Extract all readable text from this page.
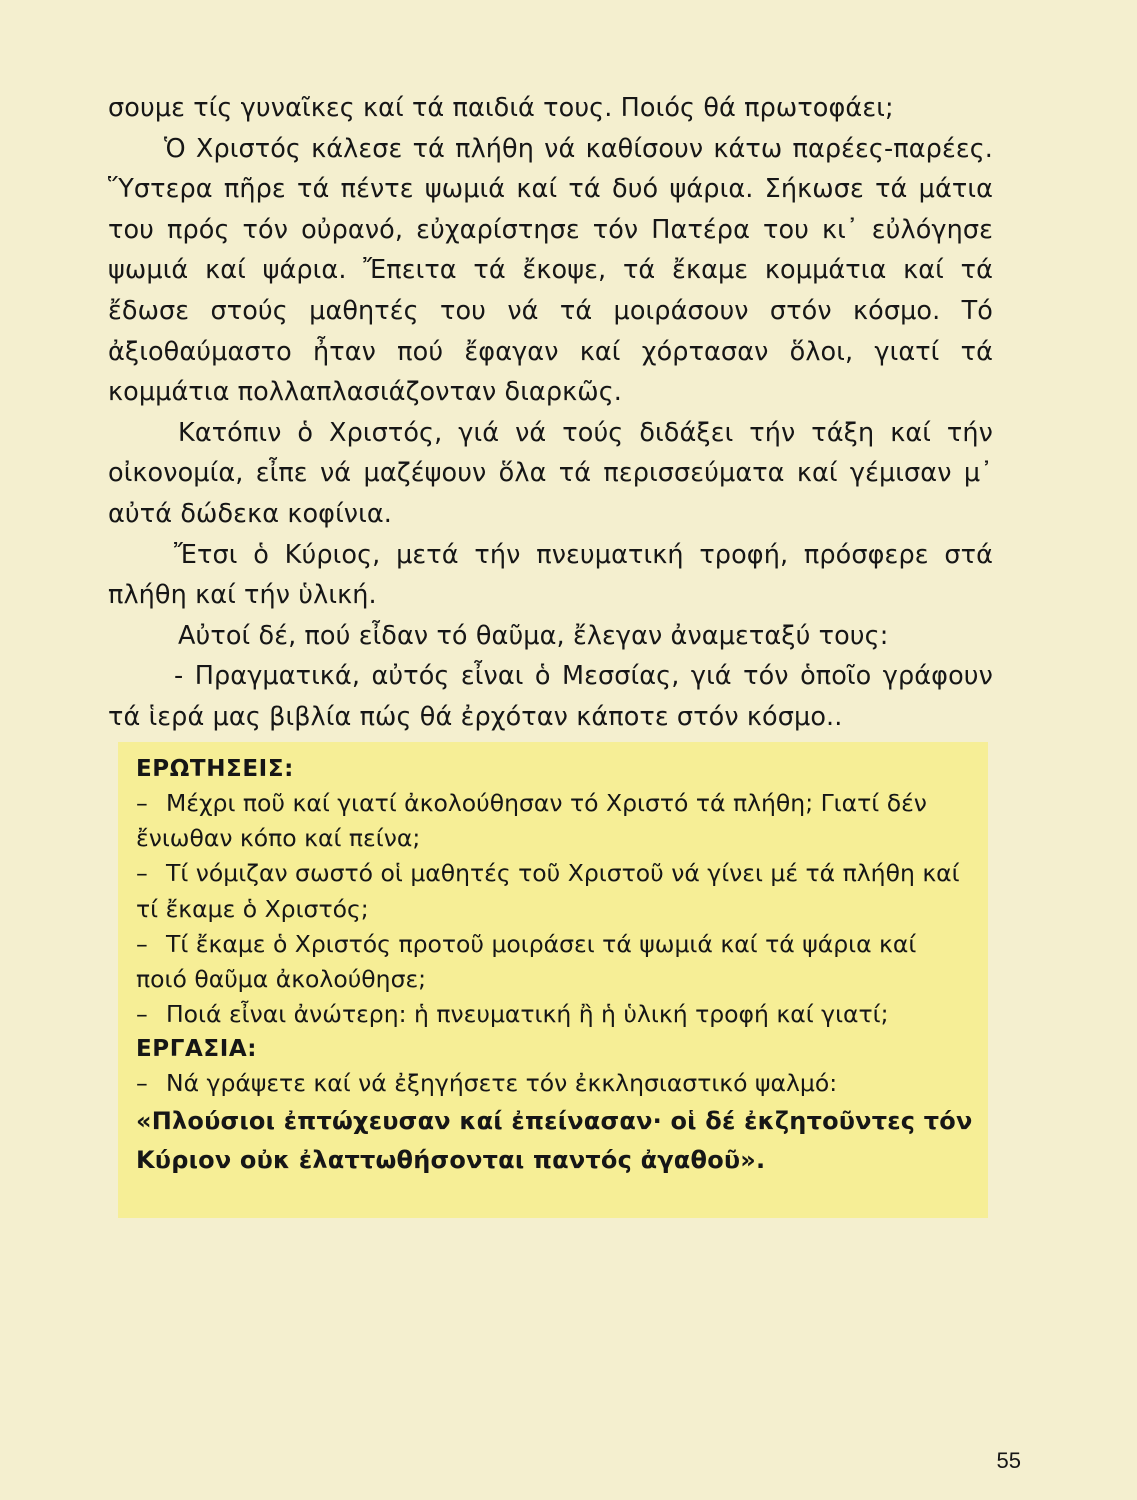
σουμε τίς γυναῖκες καί τά παιδιά τους. Ποιός θά πρωτοφάει;

Ὁ Χριστός κάλεσε τά πλήθη νά καθίσουν κάτω παρέες-παρέες. Ὕστερα πῆρε τά πέντε ψωμιά καί τά δυό ψάρια. Σήκωσε τά μάτια του πρός τόν οὐρανό, εὐχαρίστησε τόν Πατέρα του κι᾽ εὐλόγησε ψωμιά καί ψάρια. Ἔπειτα τά ἔκοψε, τά ἔκαμε κομμάτια καί τά ἔδωσε στούς μαθητές του νά τά μοιράσουν στόν κόσμο. Τό ἀξιοθαύμαστο ἦταν πού ἔφαγαν καί χόρτασαν ὅλοι, γιατί τά κομμάτια πολλαπλασιάζονταν διαρκῶς.

Κατόπιν ὁ Χριστός, γιά νά τούς διδάξει τήν τάξη καί τήν οἰκονομία, εἶπε νά μαζέψουν ὅλα τά περισσεύματα καί γέμισαν μ᾽ αὐτά δώδεκα κοφίνια.

Ἔτσι ὁ Κύριος, μετά τήν πνευματική τροφή, πρόσφερε στά πλήθη καί τήν ὑλική.

Αὐτοί δέ, πού εἶδαν τό θαῦμα, ἔλεγαν ἀναμεταξύ τους:

- Πραγματικά, αὐτός εἶναι ὁ Μεσσίας, γιά τόν ὁποῖο γράφουν τά ἱερά μας βιβλία πώς θά ἐρχόταν κάποτε στόν κόσμο..

ΕΡΩΤΗΣΕΙΣ:
– Μέχρι ποῦ καί γιατί ἀκολούθησαν τό Χριστό τά πλήθη; Γιατί δέν ἔνιωθαν κόπο καί πείνα;
– Τί νόμιζαν σωστό οἱ μαθητές τοῦ Χριστοῦ νά γίνει μέ τά πλήθη καί τί ἔκαμε ὁ Χριστός;
– Τί ἔκαμε ὁ Χριστός προτοῦ μοιράσει τά ψωμιά καί τά ψάρια καί ποιό θαῦμα ἀκολούθησε;
– Ποιά εἶναι ἀνώτερη: ἡ πνευματική ἢ ἡ ὑλική τροφή καί γιατί;
ΕΡΓΑΣΙΑ:
– Νά γράψετε καί νά ἐξηγήσετε τόν ἐκκλησιαστικό ψαλμό:
«Πλούσιοι ἐπτώχευσαν καί ἐπείνασαν· οἱ δέ ἐκζητοῦντες τόν Κύριον οὐκ ἐλαττωθήσονται παντός ἀγαθοῦ».
55
